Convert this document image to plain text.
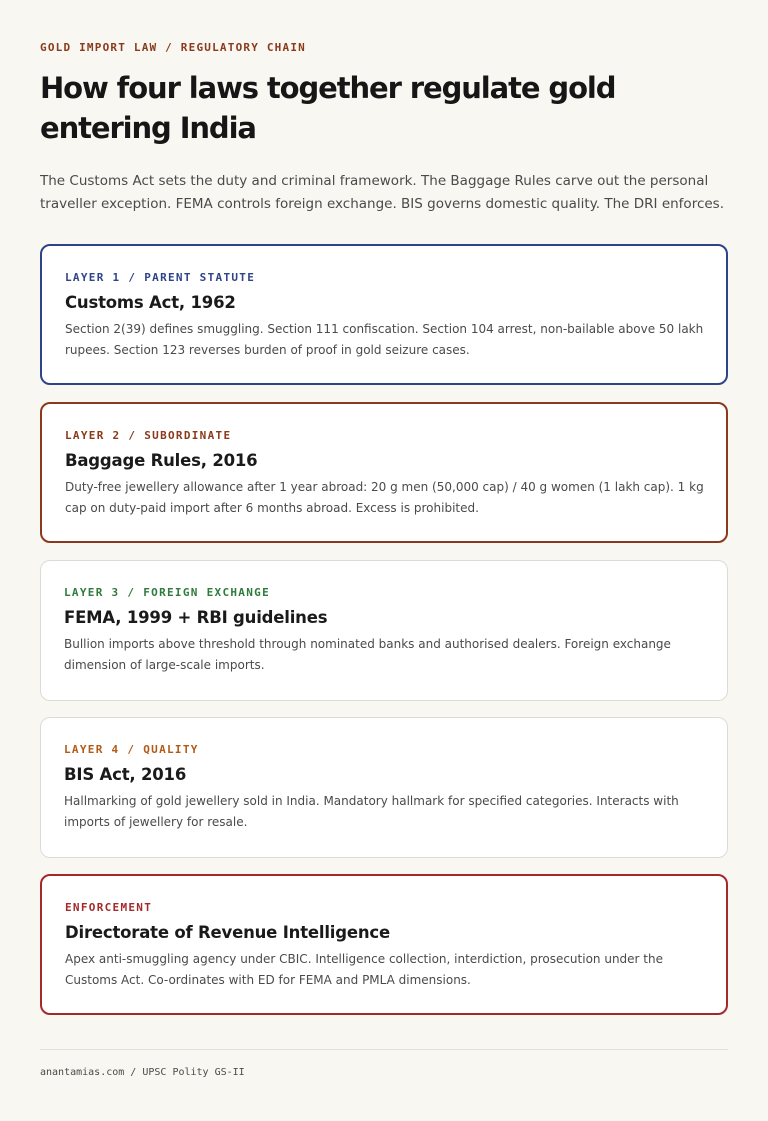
GOLD IMPORT LAW / REGULATORY CHAIN
How four laws together regulate gold entering India

The Customs Act sets the duty and criminal framework. The Baggage Rules carve out the personal traveller exception. FEMA controls foreign exchange. BIS governs domestic quality. The DRI enforces.

LAYER 1 / PARENT STATUTE
Customs Act, 1962
Section 2(39) defines smuggling. Section 111 confiscation. Section 104 arrest, non-bailable above 50 lakh rupees. Section 123 reverses burden of proof in gold seizure cases.
LAYER 2 / SUBORDINATE
Baggage Rules, 2016
Duty-free jewellery allowance after 1 year abroad: 20 g men (50,000 cap) / 40 g women (1 lakh cap). 1 kg cap on duty-paid import after 6 months abroad. Excess is prohibited.
LAYER 3 / FOREIGN EXCHANGE
FEMA, 1999 + RBI guidelines
Bullion imports above threshold through nominated banks and authorised dealers. Foreign exchange dimension of large-scale imports.
LAYER 4 / QUALITY
BIS Act, 2016
Hallmarking of gold jewellery sold in India. Mandatory hallmark for specified categories. Interacts with imports of jewellery for resale.
ENFORCEMENT
Directorate of Revenue Intelligence
Apex anti-smuggling agency under CBIC. Intelligence collection, interdiction, prosecution under the Customs Act. Co-ordinates with ED for FEMA and PMLA dimensions.
anantamias.com / UPSC Polity GS-II
